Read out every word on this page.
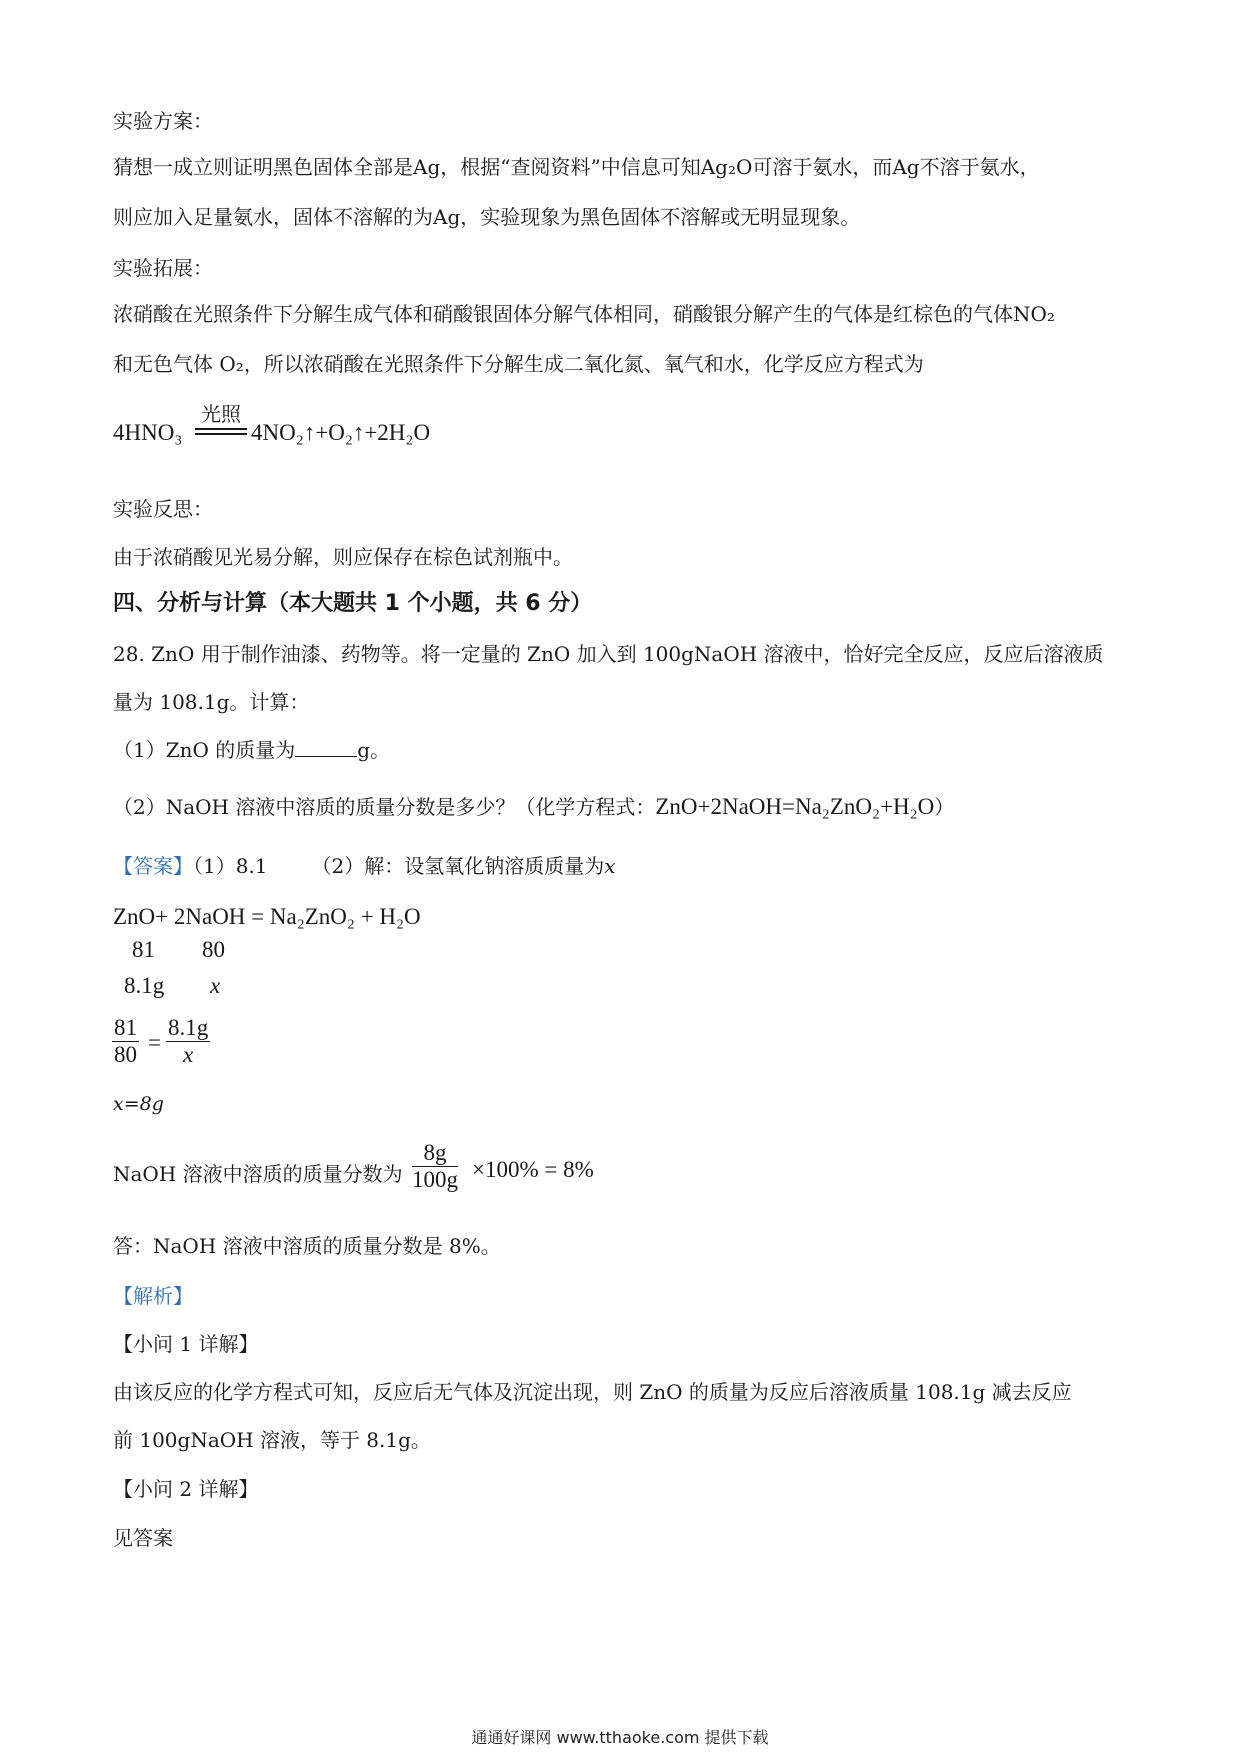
实验方案：
猜想一成立则证明黑色固体全部是Ag，根据“查阅资料”中信息可知Ag₂O可溶于氨水，而Ag不溶于氨水，
则应加入足量氨水，固体不溶解的为Ag，实验现象为黑色固体不溶解或无明显现象。
实验拓展：
浓硝酸在光照条件下分解生成气体和硝酸银固体分解气体相同，硝酸银分解产生的气体是红棕色的气体NO₂
和无色气体 O₂，所以浓硝酸在光照条件下分解生成二氧化氮、氧气和水，化学反应方程式为
4HNO₃
光照
4NO₂↑+O₂↑+2H₂O
实验反思：
由于浓硝酸见光易分解，则应保存在棕色试剂瓶中。
四、分析与计算（本大题共 1 个小题，共 6 分）
28. ZnO 用于制作油漆、药物等。将一定量的 ZnO 加入到 100gNaOH 溶液中，恰好完全反应，反应后溶液质
量为 108.1g。计算：
（1）ZnO 的质量为	g。
（2）NaOH 溶液中溶质的质量分数是多少？（化学方程式：ZnO+2NaOH=Na₂ZnO₂+H₂O）
【答案】（1）8.1 （2）解：设氢氧化钠溶质质量为x
ZnO+ 2NaOH = Na₂ZnO₂ + H₂O
81 80
8.1g x
81
80 =
8.1g
x
x=8g
NaOH 溶液中溶质的质量分数为
8g
100g ×100% = 8%
答：NaOH 溶液中溶质的质量分数是 8%。
【解析】
【小问 1 详解】
由该反应的化学方程式可知，反应后无气体及沉淀出现，则 ZnO 的质量为反应后溶液质量 108.1g 减去反应
前 100gNaOH 溶液，等于 8.1g。
【小问 2 详解】
见答案
通通好课网 www.tthaoke.com 提供下载
